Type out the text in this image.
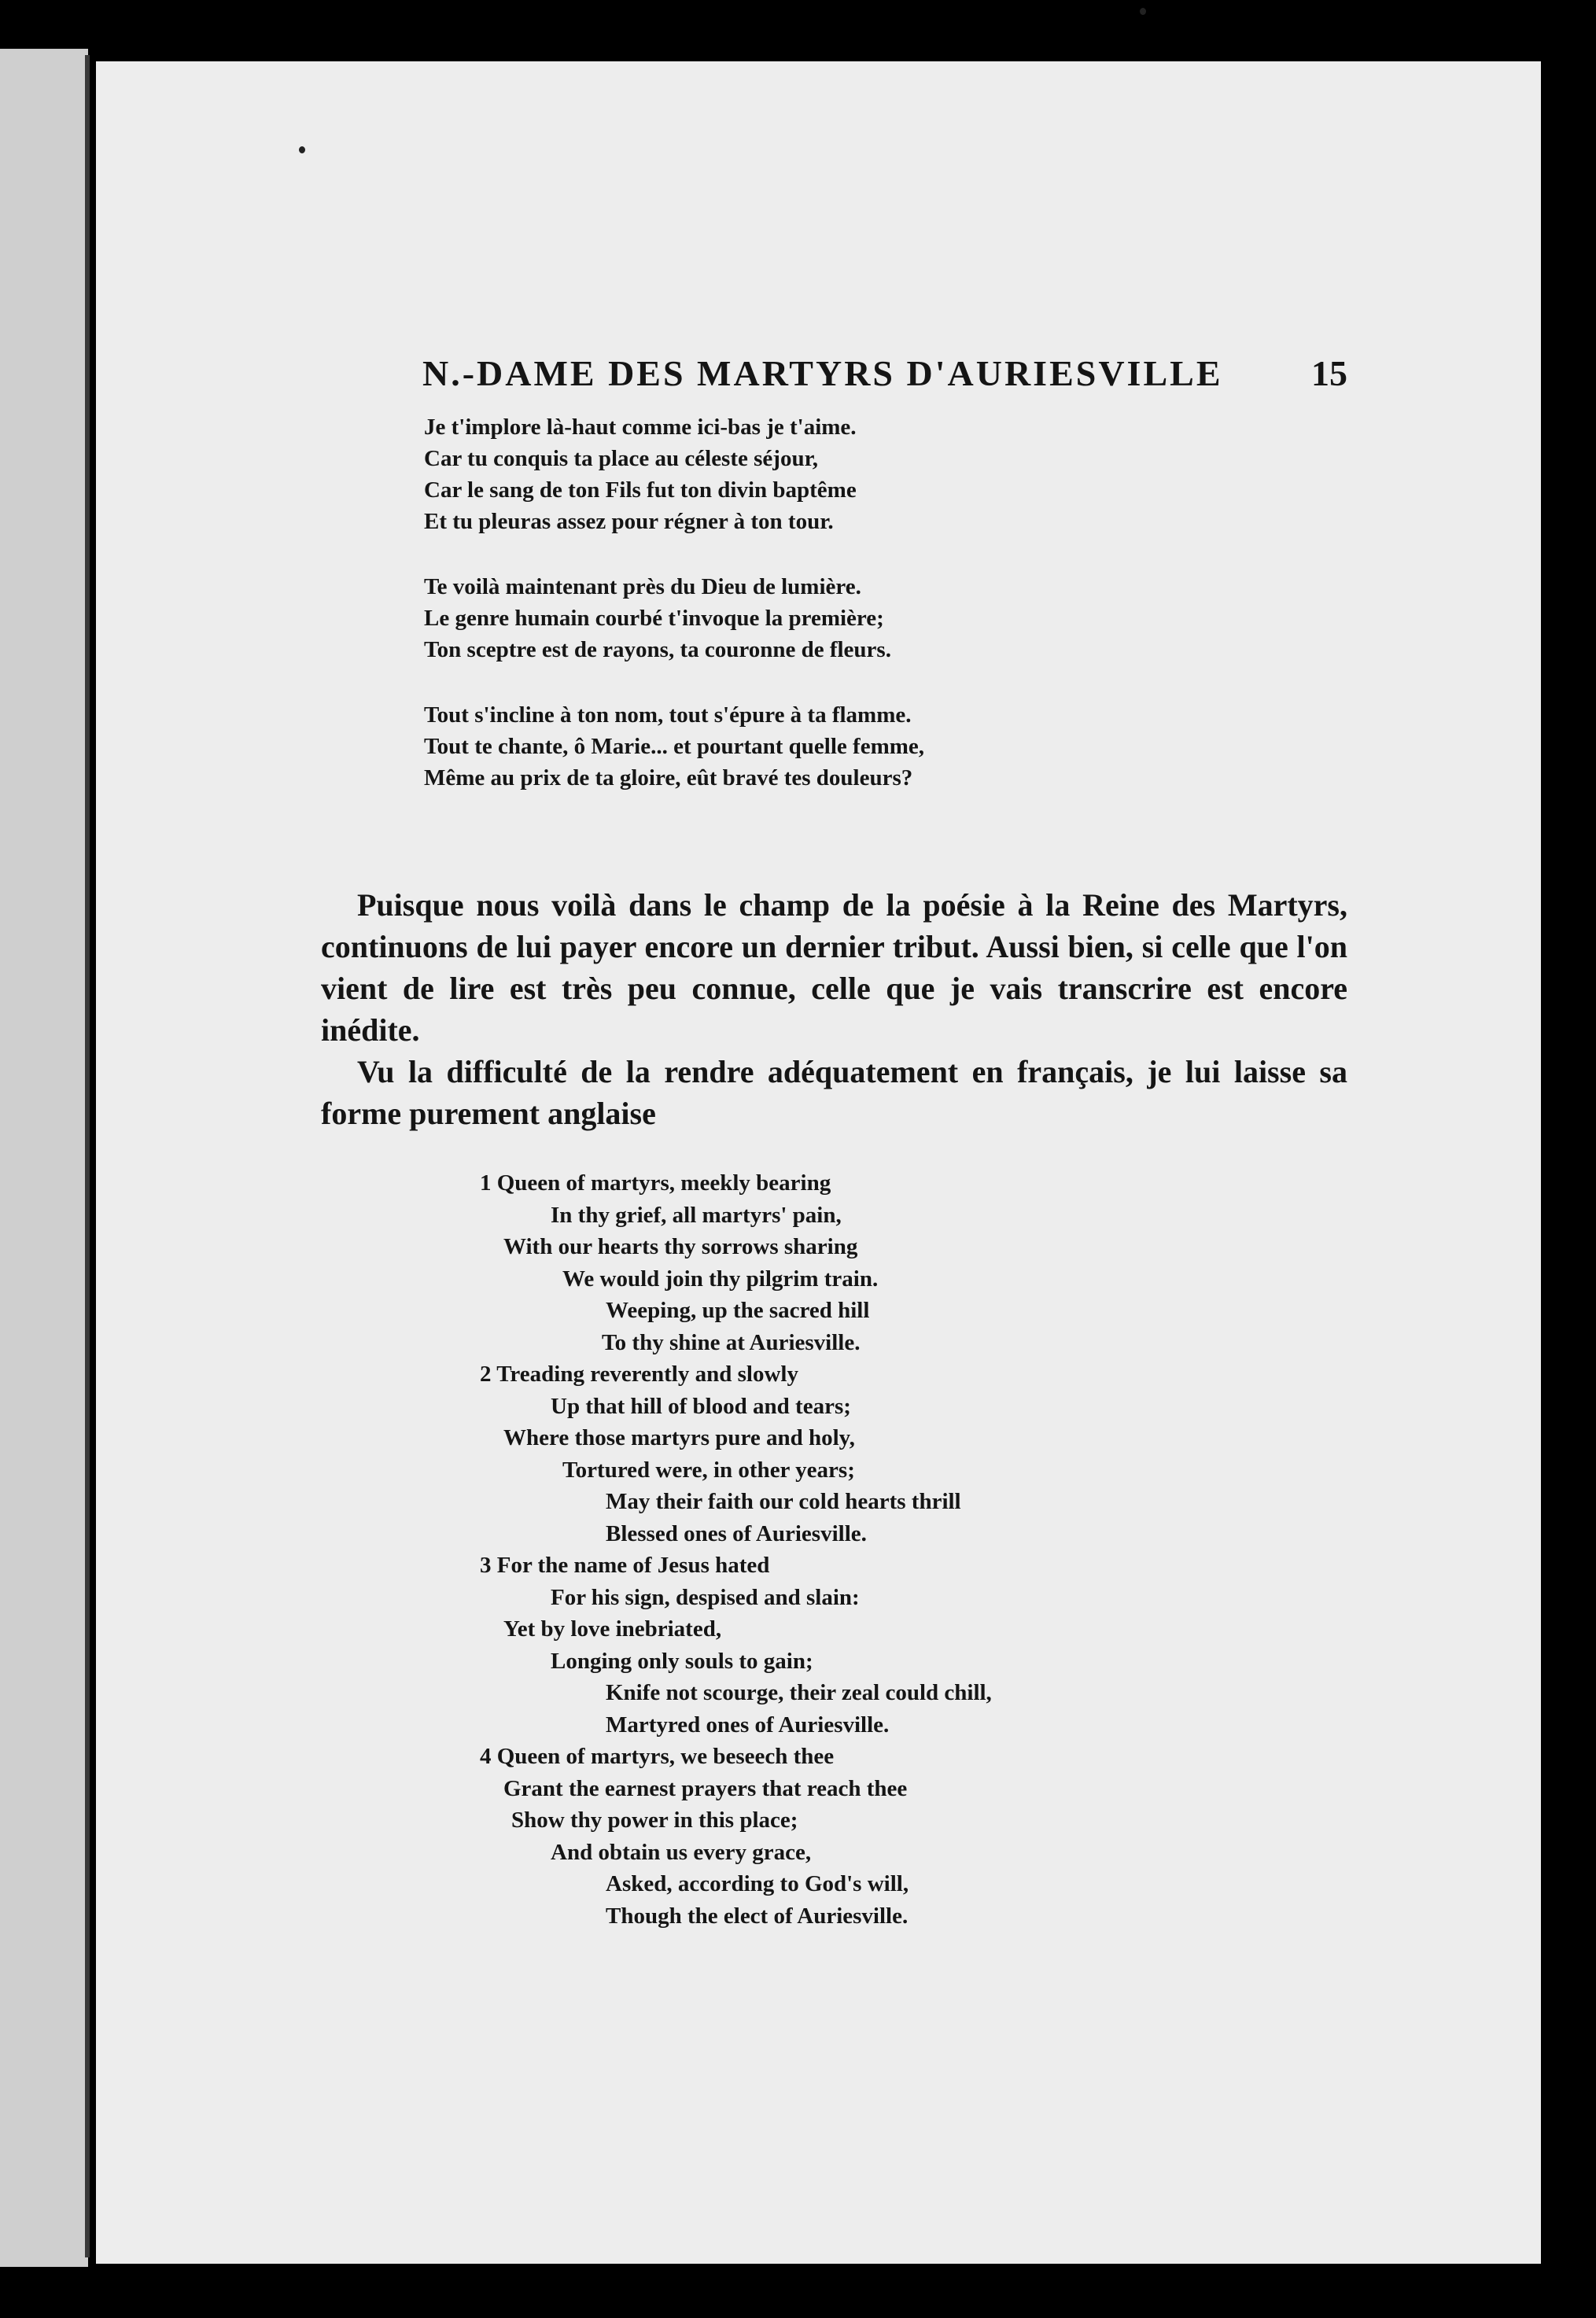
N.-DAME DES MARTYRS D'AURIESVILLE 15
Je t'implore là-haut comme ici-bas je t'aime.
Car tu conquis ta place au céleste séjour,
Car le sang de ton Fils fut ton divin baptême
Et tu pleuras assez pour régner à ton tour.
Te voilà maintenant près du Dieu de lumière.
Le genre humain courbé t'invoque la première;
Ton sceptre est de rayons, ta couronne de fleurs.
Tout s'incline à ton nom, tout s'épure à ta flamme.
Tout te chante, ô Marie... et pourtant quelle femme,
Même au prix de ta gloire, eût bravé tes douleurs?

Puisque nous voilà dans le champ de la poésie à la Reine des Martyrs, continuons de lui payer encore un dernier tribut. Aussi bien, si celle que l'on vient de lire est très peu connue, celle que je vais transcrire est encore inédite.

Vu la difficulté de la rendre adéquatement en français, je lui laisse sa forme purement anglaise

1 Queen of martyrs, meekly bearing
In thy grief, all martyrs' pain,
With our hearts thy sorrows sharing
We would join thy pilgrim train.
Weeping, up the sacred hill
To thy shine at Auriesville.
2 Treading reverently and slowly
Up that hill of blood and tears;
Where those martyrs pure and holy,
Tortured were, in other years;
May their faith our cold hearts thrill
Blessed ones of Auriesville.
3 For the name of Jesus hated
For his sign, despised and slain:
Yet by love inebriated,
Longing only souls to gain;
Knife not scourge, their zeal could chill,
Martyred ones of Auriesville.
4 Queen of martyrs, we beseech thee
Grant the earnest prayers that reach thee
Show thy power in this place;
And obtain us every grace,
Asked, according to God's will,
Though the elect of Auriesville.
